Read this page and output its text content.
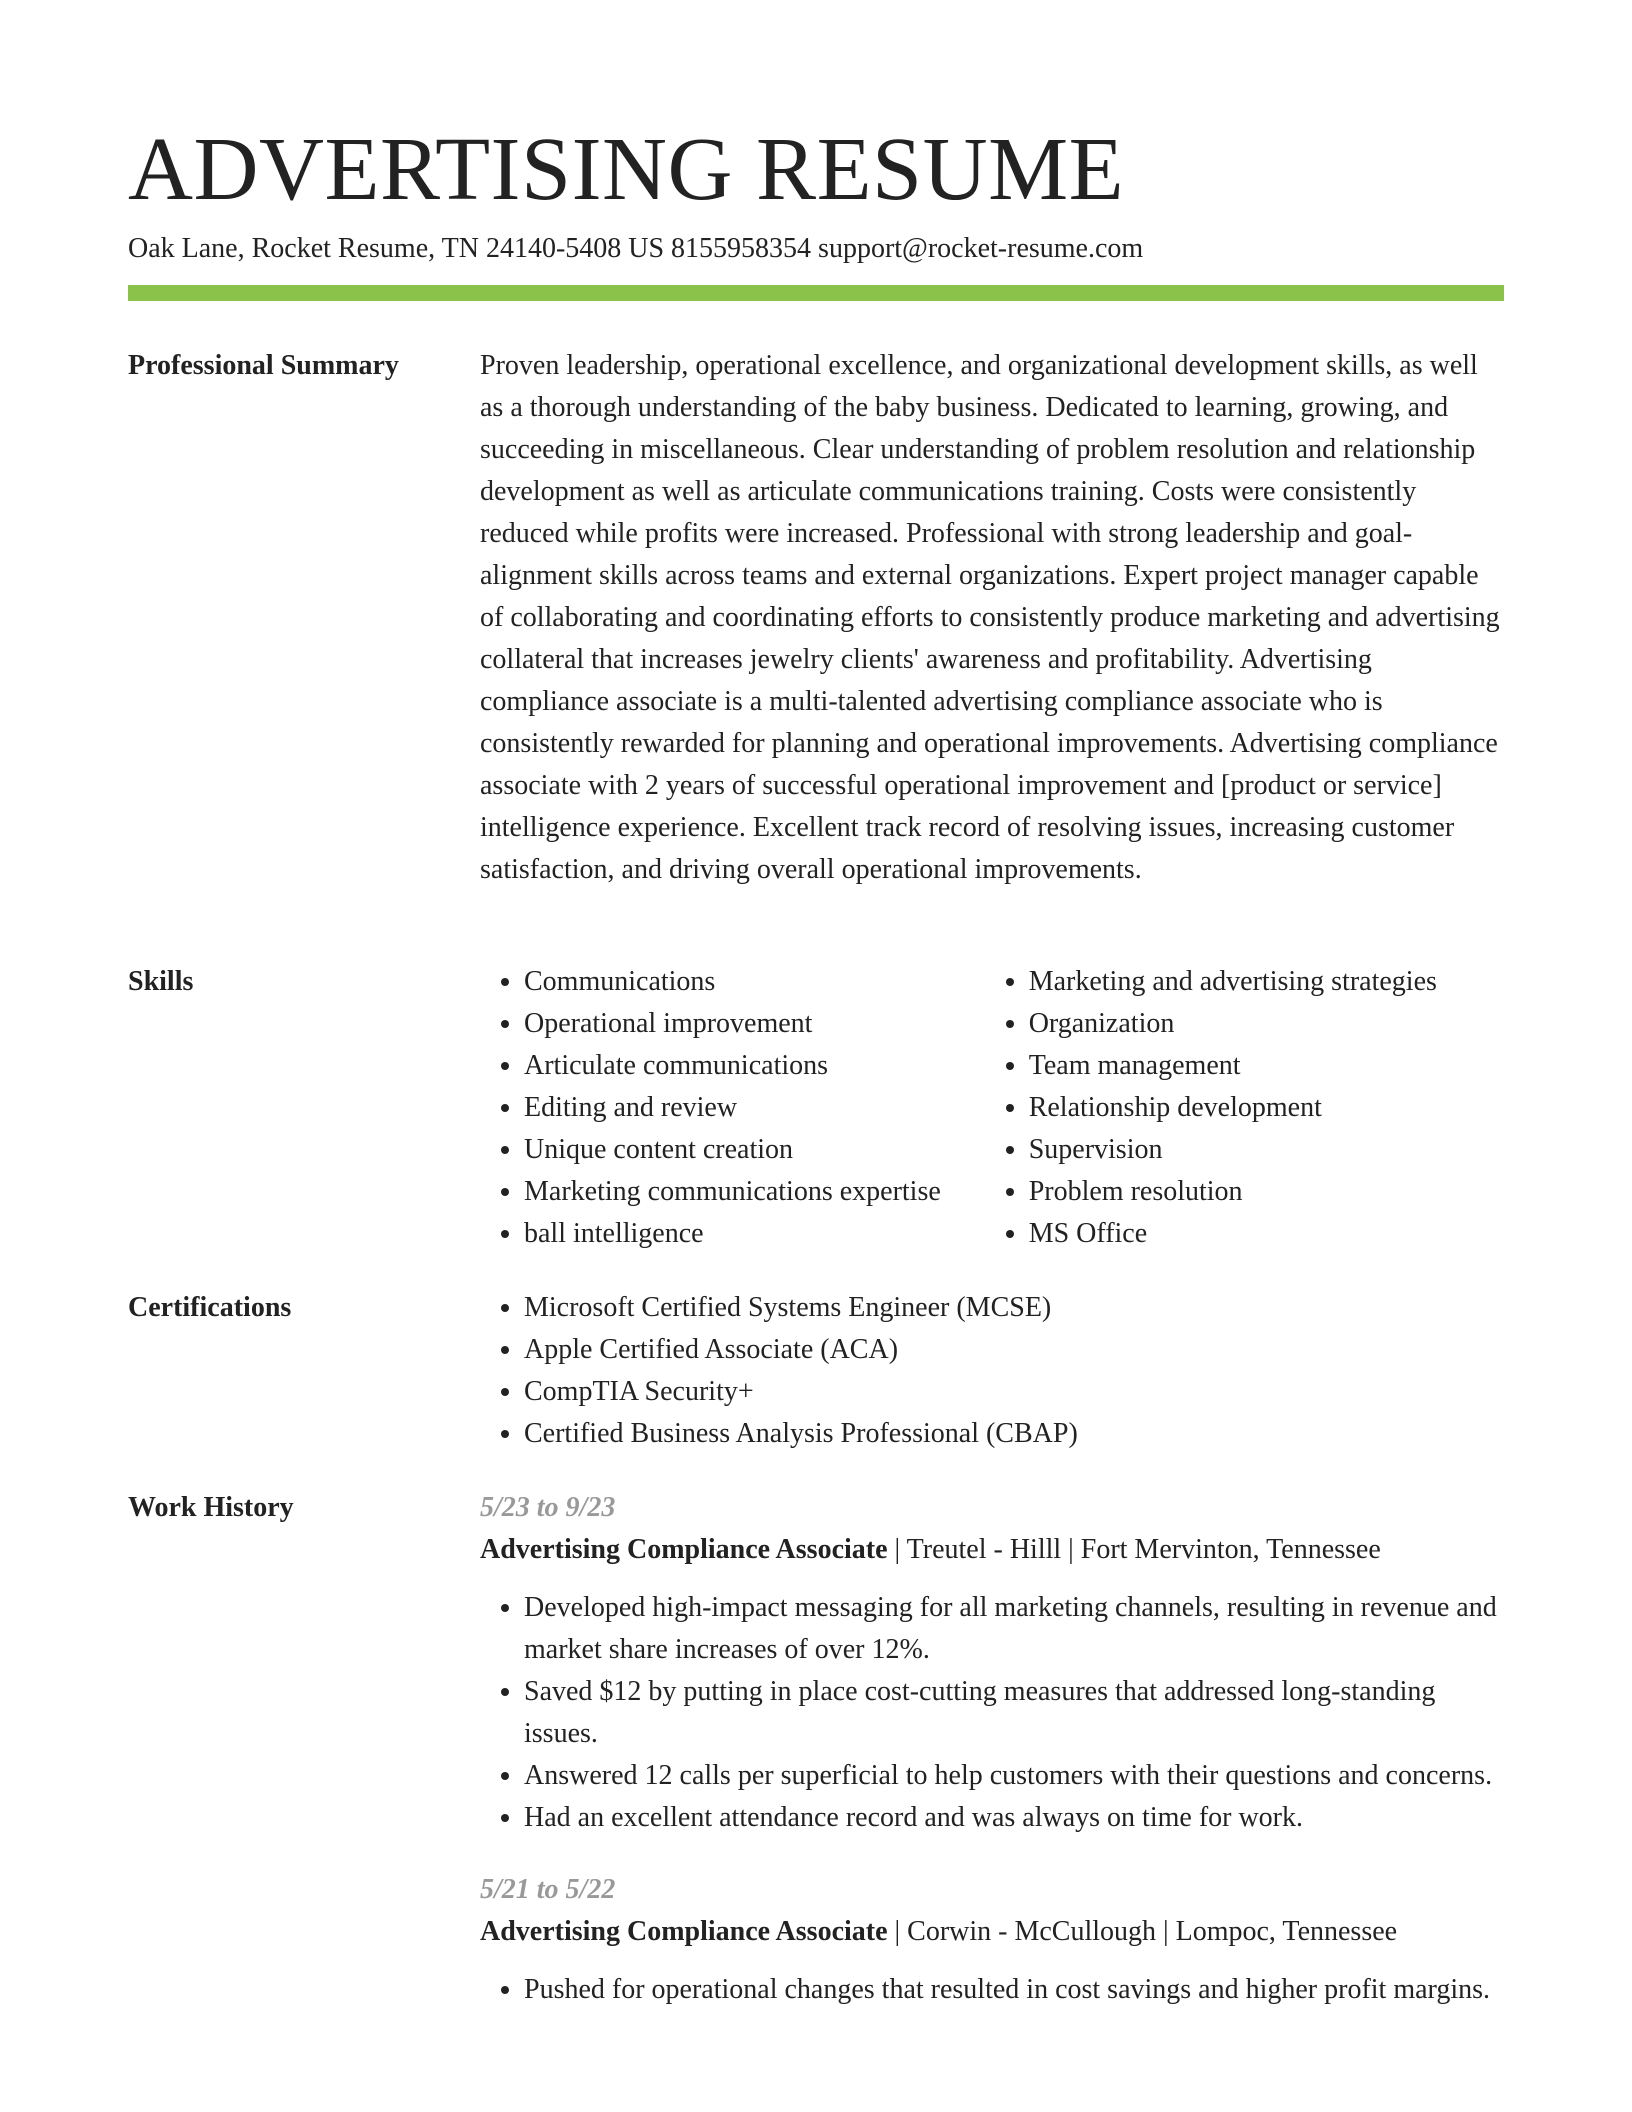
ADVERTISING RESUME
Oak Lane, Rocket Resume, TN 24140-5408 US 8155958354 support@rocket-resume.com
Professional Summary	Proven leadership, operational excellence, and organizational development skills, as well as a thorough understanding of the baby business. Dedicated to learning, growing, and succeeding in miscellaneous. Clear understanding of problem resolution and relationship development as well as articulate communications training. Costs were consistently reduced while profits were increased. Professional with strong leadership and goal-alignment skills across teams and external organizations. Expert project manager capable of collaborating and coordinating efforts to consistently produce marketing and advertising collateral that increases jewelry clients' awareness and profitability. Advertising compliance associate is a multi-talented advertising compliance associate who is consistently rewarded for planning and operational improvements. Advertising compliance associate with 2 years of successful operational improvement and [product or service] intelligence experience. Excellent track record of resolving issues, increasing customer satisfaction, and driving overall operational improvements.

Skills	• Communications
• Operational improvement
• Articulate communications
• Editing and review
• Unique content creation
• Marketing communications expertise
• ball intelligence
• Marketing and advertising strategies
• Organization
• Team management
• Relationship development
• Supervision
• Problem resolution
• MS Office
Certifications	• Microsoft Certified Systems Engineer (MCSE)
• Apple Certified Associate (ACA)
• CompTIA Security+
• Certified Business Analysis Professional (CBAP)
Work History	5/23 to 9/23
Advertising Compliance Associate | Treutel - Hilll | Fort Mervinton, Tennessee
• Developed high-impact messaging for all marketing channels, resulting in revenue and market share increases of over 12%.
• Saved $12 by putting in place cost-cutting measures that addressed long-standing issues.
• Answered 12 calls per superficial to help customers with their questions and concerns.
• Had an excellent attendance record and was always on time for work.
5/21 to 5/22
Advertising Compliance Associate | Corwin - McCullough | Lompoc, Tennessee
• Pushed for operational changes that resulted in cost savings and higher profit margins.
